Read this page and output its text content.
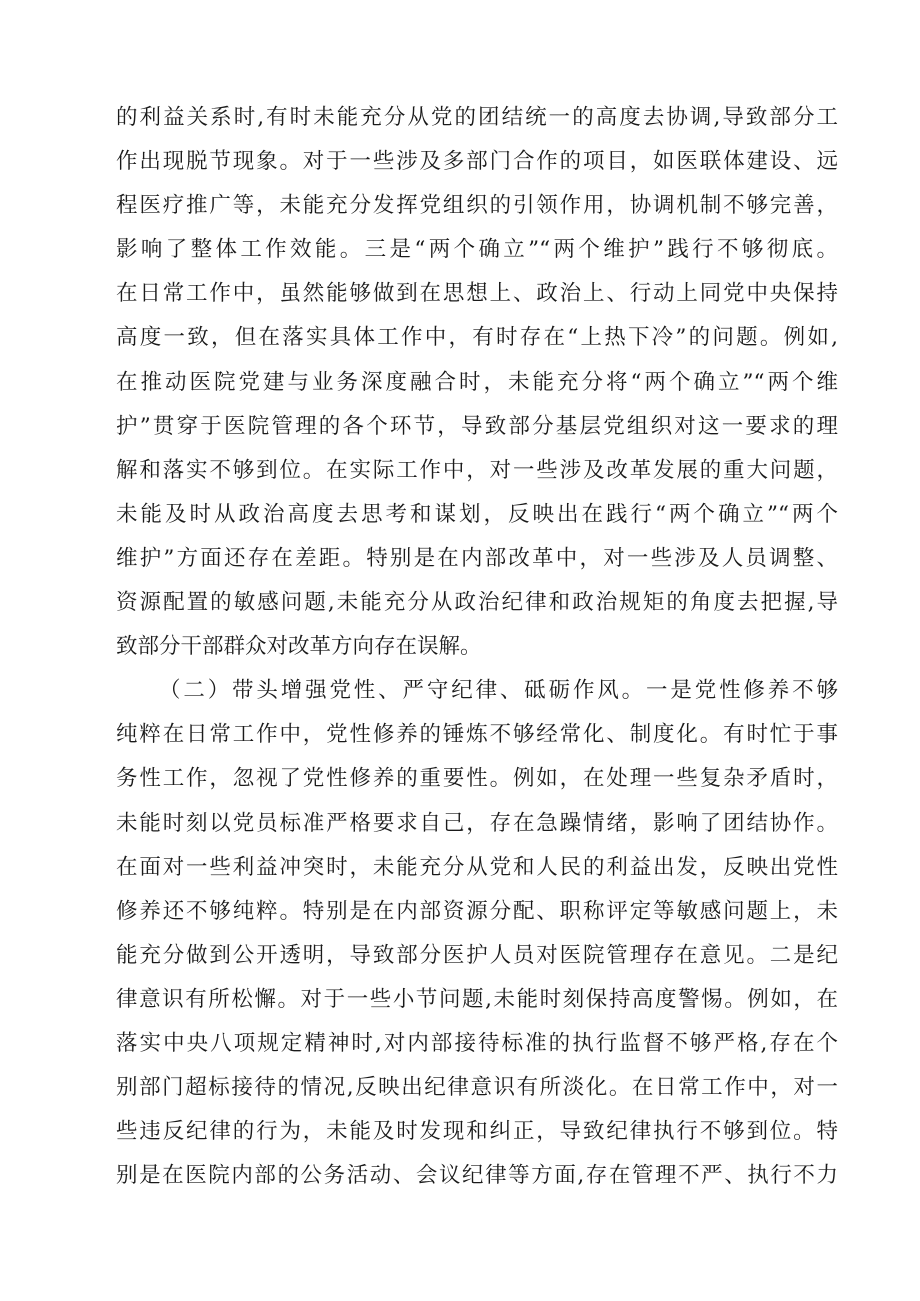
的利益关系时,有时未能充分从党的团结统一的高度去协调,导致部分工
作出现脱节现象。对于一些涉及多部门合作的项目，如医联体建设、远
程医疗推广等，未能充分发挥党组织的引领作用，协调机制不够完善，
影响了整体工作效能。三是“两个确立”“两个维护”践行不够彻底。
在日常工作中，虽然能够做到在思想上、政治上、行动上同党中央保持
高度一致，但在落实具体工作中，有时存在“上热下冷”的问题。例如,
在推动医院党建与业务深度融合时，未能充分将“两个确立”“两个维
护”贯穿于医院管理的各个环节，导致部分基层党组织对这一要求的理
解和落实不够到位。在实际工作中，对一些涉及改革发展的重大问题，
未能及时从政治高度去思考和谋划，反映出在践行“两个确立”“两个
维护”方面还存在差距。特别是在内部改革中，对一些涉及人员调整、
资源配置的敏感问题,未能充分从政治纪律和政治规矩的角度去把握,导
致部分干部群众对改革方向存在误解。
（二）带头增强党性、严守纪律、砥砺作风。一是党性修养不够
纯粹在日常工作中，党性修养的锤炼不够经常化、制度化。有时忙于事
务性工作，忽视了党性修养的重要性。例如，在处理一些复杂矛盾时，
未能时刻以党员标准严格要求自己，存在急躁情绪，影响了团结协作。
在面对一些利益冲突时，未能充分从党和人民的利益出发，反映出党性
修养还不够纯粹。特别是在内部资源分配、职称评定等敏感问题上，未
能充分做到公开透明，导致部分医护人员对医院管理存在意见。二是纪
律意识有所松懈。对于一些小节问题,未能时刻保持高度警惕。例如，在
落实中央八项规定精神时,对内部接待标准的执行监督不够严格,存在个
别部门超标接待的情况,反映出纪律意识有所淡化。在日常工作中，对一
些违反纪律的行为，未能及时发现和纠正，导致纪律执行不够到位。特
别是在医院内部的公务活动、会议纪律等方面,存在管理不严、执行不力
